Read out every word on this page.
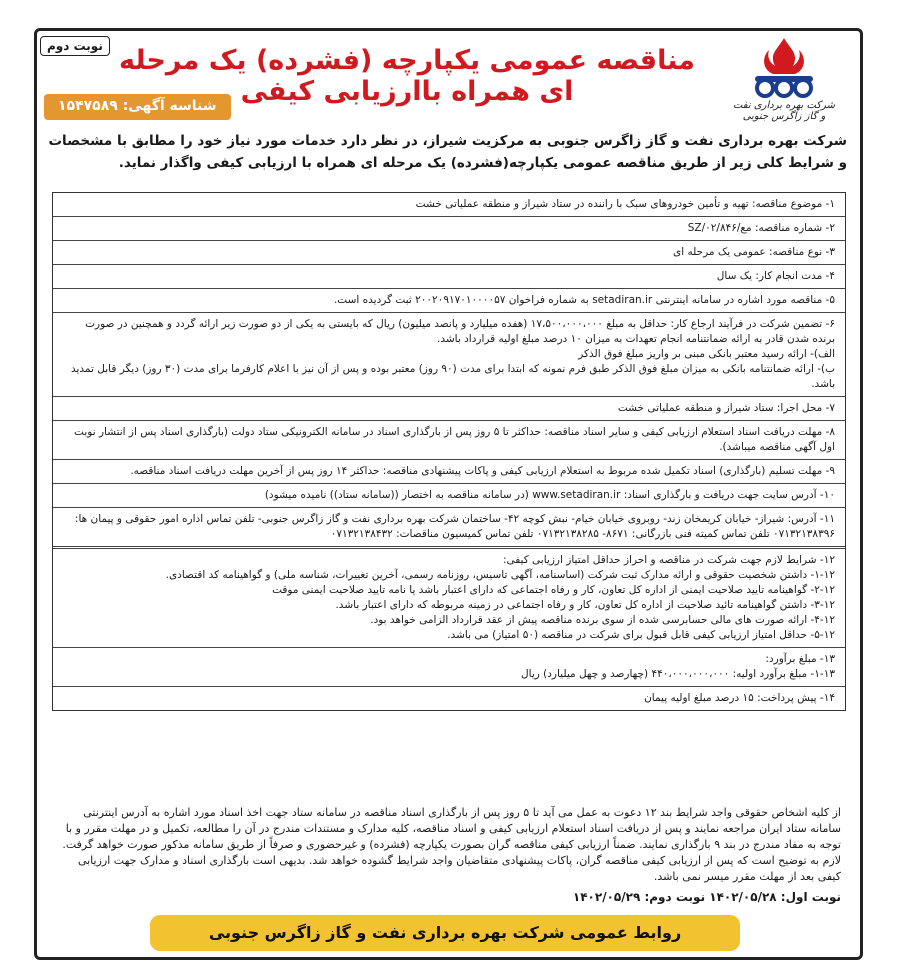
نوبت دوم مناقصه عمومی یکپارچه (فشرده) یک مرحله ای همراه باارزیابی کیفی
شناسه آگهی: ۱۵۴۷۵۸۹	شرکت بهره برداری نفت و گاز زاگرس جنوبی
شرکت بهره برداری نفت و گاز زاگرس جنوبی به مرکزیت شیراز، در نظر دارد خدمات مورد نیاز خود را مطابق با مشخصات و شرایط کلی زیر از طریق مناقصه عمومی یکپارچه(فشرده) یک مرحله ای همراه با ارزیابی کیفی واگذار نماید.
۱- موضوع مناقصه: تهیه و تأمین خودروهای سبک با راننده در ستاد شیراز و منطقه عملیاتی خشت
۲- شماره مناقصه: مع/۰۲/۸۴۶/SZ
۳- نوع مناقصه: عمومی یک مرحله ای
۴- مدت انجام کار: یک سال
۵- مناقصه مورد اشاره در سامانه اینترنتی setadiran.ir به شماره فراخوان ۲۰۰۲۰۹۱۷۰۱۰۰۰۰۵۷ ثبت گردیده است.
۶- تضمین شرکت در فرآیند ارجاع کار: حداقل به مبلغ ۱۷،۵۰۰،۰۰۰،۰۰۰ (هفده میلیارد و پانصد میلیون) ریال که بایستی به یکی از دو صورت زیر ارائه گردد و همچنین در صورت برنده شدن قادر به ارائه ضمانتنامه انجام تعهدات به میزان ۱۰ درصد مبلغ اولیه قرارداد باشد.
الف)- ارائه رسید معتبر بانکی مبنی بر واریز مبلغ فوق الذکر
ب)- ارائه ضمانتنامه بانکی به میزان مبلغ فوق الذکر طبق فرم نمونه که ابتدا برای مدت (۹۰ روز) معتبر بوده و پس از آن نیز با اعلام کارفرما برای مدت (۳۰ روز) دیگر قابل تمدید باشد.
۷- محل اجرا: ستاد شیراز و منطقه عملیاتی خشت
۸- مهلت دریافت اسناد استعلام ارزیابی کیفی و سایر اسناد مناقصه: حداکثر تا ۵ روز پس از بارگذاری اسناد در سامانه الکترونیکی ستاد دولت (بارگذاری اسناد پس از انتشار نوبت اول آگهی مناقصه میباشد).
۹- مهلت تسلیم (بارگذاری) اسناد تکمیل شده مربوط به استعلام ارزیابی کیفی و پاکات پیشنهادی مناقصه: حداکثر ۱۴ روز پس از آخرین مهلت دریافت اسناد مناقصه.
۱۰- آدرس سایت جهت دریافت و بارگذاری اسناد: www.setadiran.ir (در سامانه مناقصه به اختصار ((سامانه ستاد)) نامیده میشود)
۱۱- آدرس: شیراز- خیابان کریمخان زند- روبروی خیابان خیام- نبش کوچه ۴۲- ساختمان شرکت بهره برداری نفت و گاز زاگرس جنوبی- تلفن تماس اداره امور حقوقی و پیمان ها: ۰۷۱۳۲۱۳۸۳۹۶ تلفن تماس کمیته فنی بازرگانی: ۸۶۷۱- ۰۷۱۳۲۱۳۸۲۸۵ تلفن تماس کمیسیون مناقصات: ۰۷۱۳۲۱۳۸۴۳۲
۱۲- شرایط لازم جهت شرکت در مناقصه و احراز حداقل امتیاز ارزیابی کیفی:
۱-۱۲- داشتن شخصیت حقوقی و ارائه مدارک ثبت شرکت (اساسنامه، آگهی تاسیس، روزنامه رسمی، آخرین تغییرات، شناسه ملی) و گواهینامه کد اقتصادی.
۲-۱۲- گواهینامه تایید صلاحیت ایمنی از اداره کل تعاون، کار و رفاه اجتماعی که دارای اعتبار باشد یا نامه تایید صلاحیت ایمنی موقت
۳-۱۲- داشتن گواهینامه تائید صلاحیت از اداره کل تعاون، کار و رفاه اجتماعی در زمینه مربوطه که دارای اعتبار باشد.
۴-۱۲- ارائه صورت های مالی حسابرسی شده از سوی برنده مناقصه پیش از عقد قرارداد الزامی خواهد بود.
۵-۱۲- حداقل امتیاز ارزیابی کیفی قابل قبول برای شرکت در مناقصه (۵۰ امتیاز) می باشد.
۱۳- مبلغ برآورد:
۱-۱۳- مبلغ برآورد اولیه: ۴۴۰،۰۰۰،۰۰۰،۰۰۰ (چهارصد و چهل میلیارد) ریال
۱۴- پیش پرداخت: ۱۵ درصد مبلغ اولیه پیمان
از کلیه اشخاص حقوقی واجد شرایط بند ۱۲ دعوت به عمل می آید تا ۵ روز پس از بارگذاری اسناد مناقصه در سامانه ستاد جهت اخذ اسناد مورد اشاره به آدرس اینترنتی سامانه ستاد ایران مراجعه نمایند و پس از دریافت اسناد استعلام ارزیابی کیفی و اسناد مناقصه، کلیه مدارک و مستندات مندرج در آن را مطالعه، تکمیل و در مهلت مقرر و با توجه به مفاد مندرج در بند ۹ بارگذاری نمایند. ضمناً ارزیابی کیفی مناقصه گران بصورت یکپارچه (فشرده) و غیرحضوری و صرفاً از طریق سامانه مذکور صورت خواهد گرفت. لازم به توضیح است که پس از ارزیابی کیفی مناقصه گران، پاکات پیشنهادی متقاضیان واجد شرایط گشوده خواهد شد. بدیهی است بارگذاری اسناد و مدارک جهت ارزیابی کیفی بعد از مهلت مقرر میسر نمی باشد.
نوبت اول: ۱۴۰۲/۰۵/۲۸ نوبت دوم: ۱۴۰۲/۰۵/۲۹
روابط عمومی شرکت بهره برداری نفت و گاز زاگرس جنوبی
